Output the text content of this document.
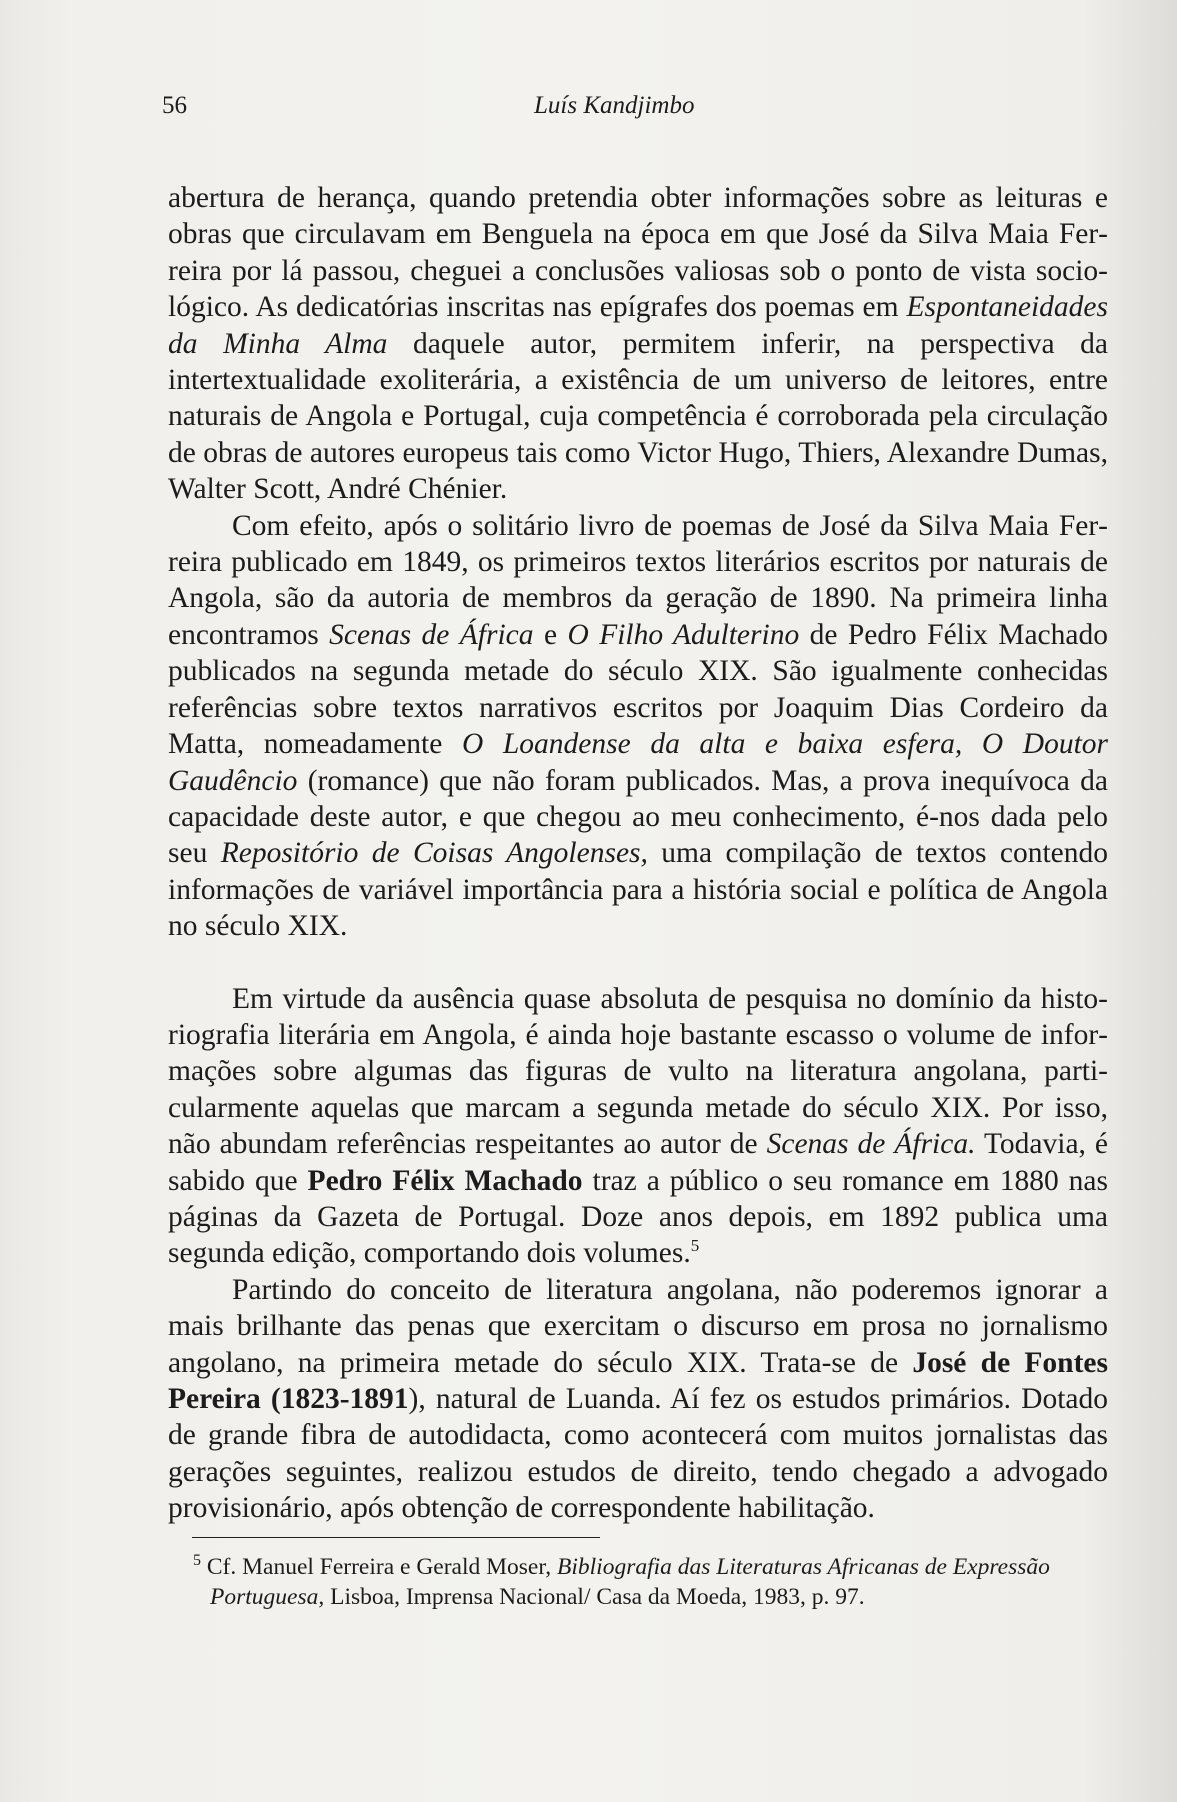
56	Luís Kandjimbo

abertura de herança, quando pretendia obter informações sobre as leituras e obras que circulavam em Benguela na época em que José da Silva Maia Ferreira por lá passou, cheguei a conclusões valiosas sob o ponto de vista sociológico. As dedicatórias inscritas nas epígrafes dos poemas em Espontaneidades da Minha Alma daquele autor, permitem inferir, na perspectiva da intertextualidade exoliterária, a existência de um universo de leitores, entre naturais de Angola e Portugal, cuja competência é corroborada pela circulação de obras de autores europeus tais como Victor Hugo, Thiers, Alexandre Dumas, Walter Scott, André Chénier.

Com efeito, após o solitário livro de poemas de José da Silva Maia Ferreira publicado em 1849, os primeiros textos literários escritos por naturais de Angola, são da autoria de membros da geração de 1890. Na primeira linha encontramos Scenas de África e O Filho Adulterino de Pedro Félix Machado publicados na segunda metade do século XIX. São igualmente conhecidas referências sobre textos narrativos escritos por Joaquim Dias Cordeiro da Matta, nomeadamente O Loandense da alta e baixa esfera, O Doutor Gaudêncio (romance) que não foram publicados. Mas, a prova inequívoca da capacidade deste autor, e que chegou ao meu conhecimento, é-nos dada pelo seu Repositório de Coisas Angolenses, uma compilação de textos contendo informações de variável importância para a história social e política de Angola no século XIX.

Em virtude da ausência quase absoluta de pesquisa no domínio da historiografia literária em Angola, é ainda hoje bastante escasso o volume de informações sobre algumas das figuras de vulto na literatura angolana, particularmente aquelas que marcam a segunda metade do século XIX. Por isso, não abundam referências respeitantes ao autor de Scenas de África. Todavia, é sabido que Pedro Félix Machado traz a público o seu romance em 1880 nas páginas da Gazeta de Portugal. Doze anos depois, em 1892 publica uma segunda edição, comportando dois volumes.$^5$

Partindo do conceito de literatura angolana, não poderemos ignorar a mais brilhante das penas que exercitam o discurso em prosa no jornalismo angolano, na primeira metade do século XIX. Trata-se de José de Fontes Pereira (1823-1891), natural de Luanda. Aí fez os estudos primários. Dotado de grande fibra de autodidacta, como acontecerá com muitos jornalistas das gerações seguintes, realizou estudos de direito, tendo chegado a advogado provisionário, após obtenção de correspondente habilitação.

$^5$ Cf. Manuel Ferreira e Gerald Moser, Bibliografia das Literaturas Africanas de Expressão
Portuguesa, Lisboa, Imprensa Nacional/ Casa da Moeda, 1983, p. 97.
